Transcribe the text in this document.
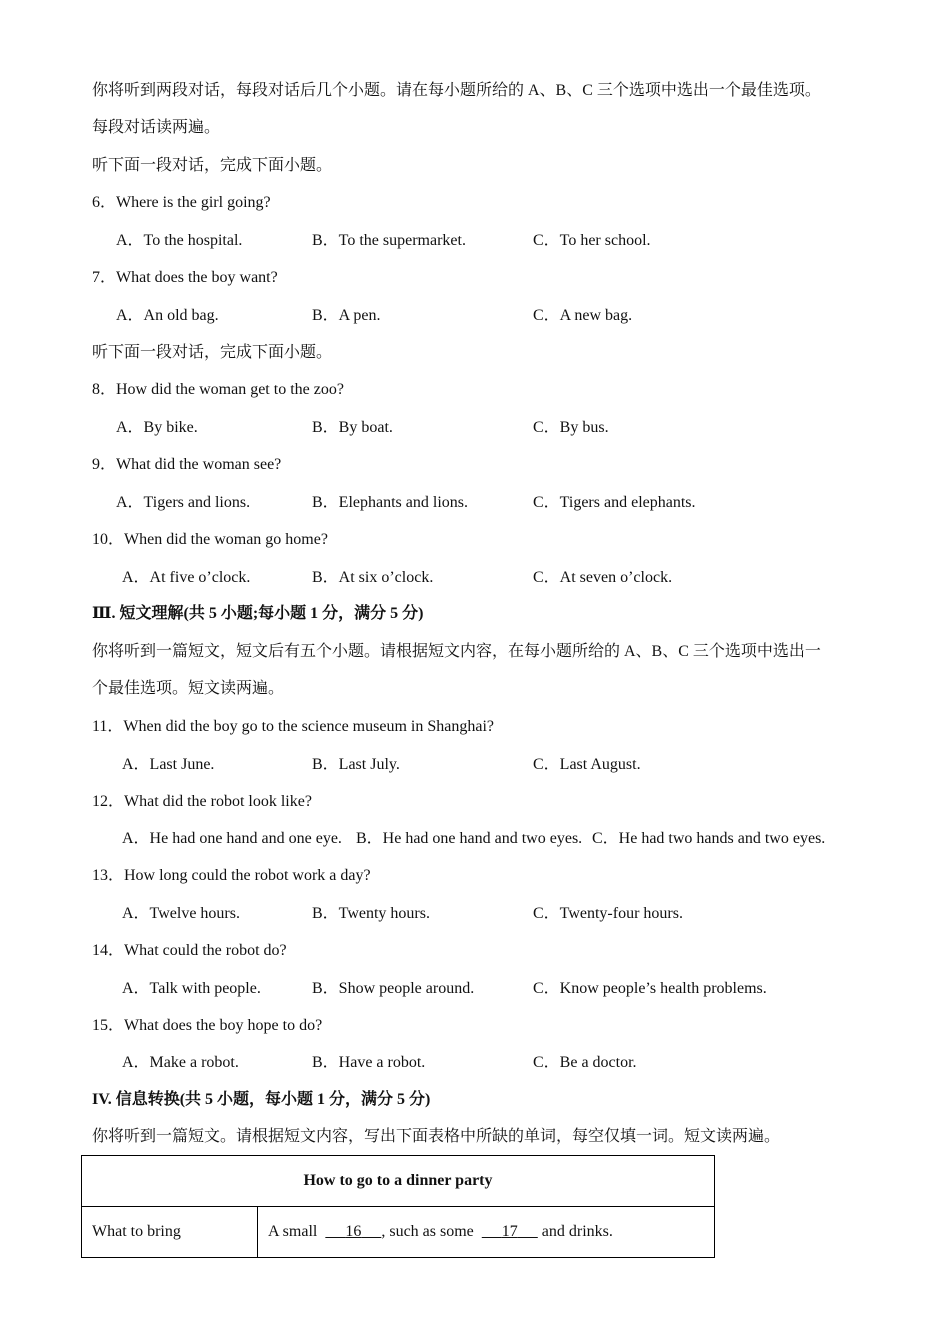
你将听到两段对话，每段对话后几个小题。请在每小题所给的 A、B、C 三个选项中选出一个最佳选项。
每段对话读两遍。
听下面一段对话，完成下面小题。
6．Where is the girl going?
A．To the hospital.	B．To the supermarket.	C．To her school.
7．What does the boy want?
A．An old bag.	B．A pen.	C．A new bag.
听下面一段对话，完成下面小题。
8．How did the woman get to the zoo?
A．By bike.	B．By boat.	C．By bus.
9．What did the woman see?
A．Tigers and lions.	B．Elephants and lions.	C．Tigers and elephants.
10．When did the woman go home?
A．At five o’clock.	B．At six o’clock.	C．At seven o’clock.
Ⅲ. 短文理解(共 5 小题;每小题 1 分，满分 5 分)
你将听到一篇短文，短文后有五个小题。请根据短文内容，在每小题所给的 A、B、C 三个选项中选出一
个最佳选项。短文读两遍。
11．When did the boy go to the science museum in Shanghai?
A．Last June.	B．Last July.	C．Last August.
12．What did the robot look like?
A．He had one hand and one eye. B．He had one hand and two eyes. C．He had two hands and two eyes.
13．How long could the robot work a day?
A．Twelve hours.	B．Twenty hours.	C．Twenty-four hours.
14．What could the robot do?
A．Talk with people.	B．Show people around.	C．Know people’s health problems.
15．What does the boy hope to do?
A．Make a robot.	B．Have a robot.	C．Be a doctor.
IV. 信息转换(共 5 小题，每小题 1 分，满分 5 分)
你将听到一篇短文。请根据短文内容，写出下面表格中所缺的单词，每空仅填一词。短文读两遍。
How to go to a dinner party
What to bring	A small       16 , such as some       17      and drinks.
